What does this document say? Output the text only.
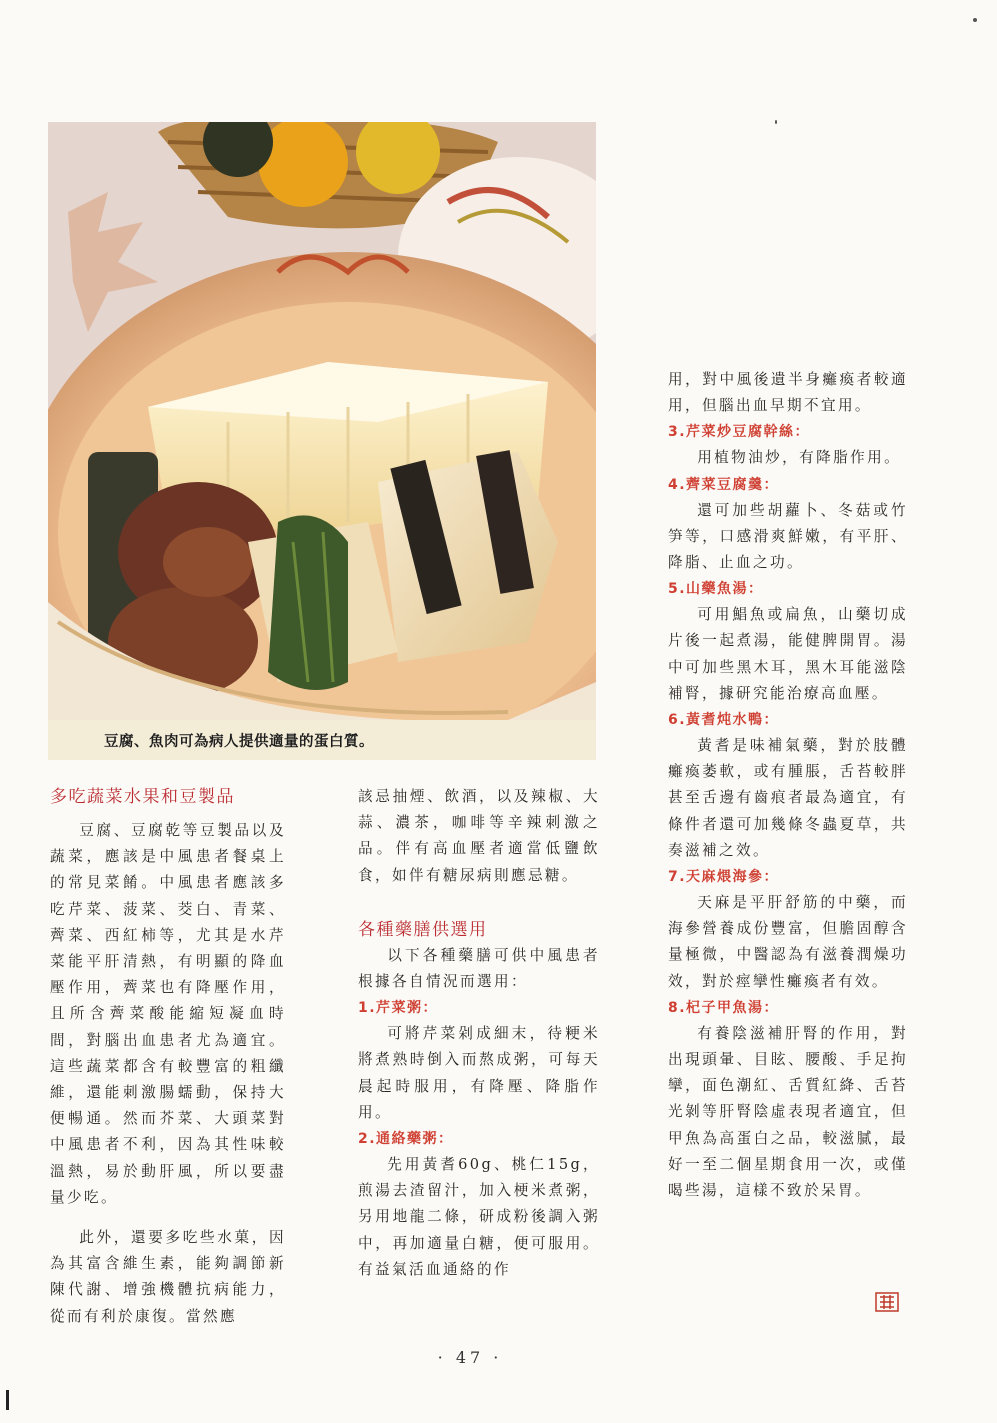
豆腐、魚肉可為病人提供適量的蛋白質。
多吃蔬菜水果和豆製品

豆腐、豆腐乾等豆製品以及蔬菜，應該是中風患者餐桌上的常見菜餚。中風患者應該多吃芹菜、菠菜、茭白、青菜、薺菜、西紅柿等，尤其是水芹菜能平肝清熱，有明顯的降血壓作用，薺菜也有降壓作用，且所含薺菜酸能縮短凝血時間，對腦出血患者尤為適宜。這些蔬菜都含有較豐富的粗纖維，還能刺激腸蠕動，保持大便暢通。然而芥菜、大頭菜對中風患者不利，因為其性味較溫熱，易於動肝風，所以要盡量少吃。

此外，還要多吃些水菓，因為其富含維生素，能夠調節新陳代謝、增強機體抗病能力，從而有利於康復。當然應

該忌抽煙、飲酒，以及辣椒、大蒜、濃茶，咖啡等辛辣刺激之品。伴有高血壓者適當低鹽飲食，如伴有糖尿病則應忌糖。

各種藥膳供選用

以下各種藥膳可供中風患者根據各自情況而選用：

1.芹菜粥：

可將芹菜剁成細末，待粳米將煮熟時倒入而熬成粥，可每天晨起時服用，有降壓、降脂作用。

2.通絡藥粥：

先用黃耆60g、桃仁15g，煎湯去渣留汁，加入梗米煮粥，另用地龍二條，研成粉後調入粥中，再加適量白糖，便可服用。有益氣活血通絡的作

用，對中風後遺半身癱瘓者較適用，但腦出血早期不宜用。

3.芹菜炒豆腐幹絲：

用植物油炒，有降脂作用。

4.薺菜豆腐羹：

還可加些胡蘿卜、冬菇或竹笋等，口感滑爽鮮嫩，有平肝、降脂、止血之功。

5.山藥魚湯：

可用鯧魚或扁魚，山藥切成片後一起煮湯，能健脾開胃。湯中可加些黑木耳，黑木耳能滋陰補腎，據研究能治療高血壓。

6.黃耆炖水鴨：

黃耆是味補氣藥，對於肢體癱瘓萎軟，或有腫脹，舌苔較胖甚至舌邊有齒痕者最為適宜，有條件者還可加幾條冬蟲夏草，共奏滋補之效。

7.天麻煨海參：

天麻是平肝舒筋的中藥，而海參營養成份豐富，但膽固醇含量極微，中醫認為有滋養潤燥功效，對於痙攣性癱瘓者有效。

8.杞子甲魚湯：

有養陰滋補肝腎的作用，對出現頭暈、目眩、腰酸、手足拘攣，面色潮紅、舌質紅絳、舌苔光剝等肝腎陰虛表現者適宜，但甲魚為高蛋白之品，較滋膩，最好一至二個星期食用一次，或僅喝些湯，這樣不致於呆胃。

· 47 ·
